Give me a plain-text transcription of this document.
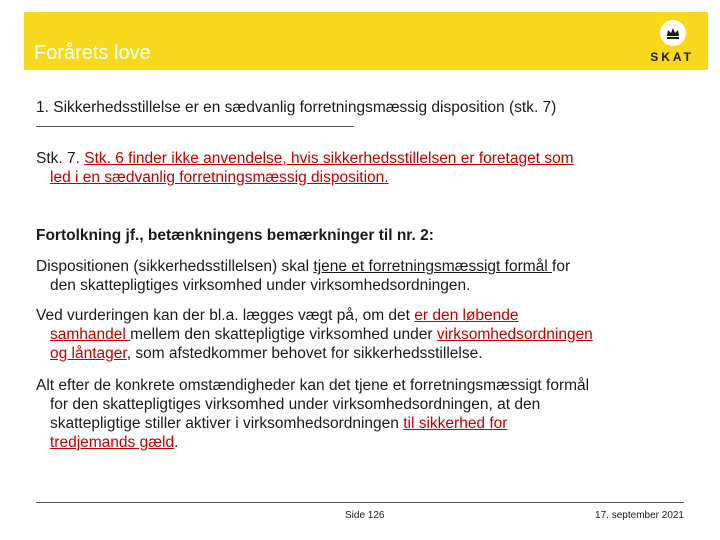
Forårets love	SKAT
1. Sikkerhedsstillelse er en sædvanlig forretningsmæssig disposition (stk. 7)
Stk. 7. Stk. 6 finder ikke anvendelse, hvis sikkerhedsstillelsen er foretaget som
led i en sædvanlig forretningsmæssig disposition.
Fortolkning jf., betænkningens bemærkninger til nr. 2:
Dispositionen (sikkerhedsstillelsen) skal tjene et forretningsmæssigt formål for
den skattepligtiges virksomhed under virksomhedsordningen.
Ved vurderingen kan der bl.a. lægges vægt på, om det er den løbende
samhandel mellem den skattepligtige virksomhed under virksomhedsordningen
og låntager, som afstedkommer behovet for sikkerhedsstillelse.
Alt efter de konkrete omstændigheder kan det tjene et forretningsmæssigt formål
for den skattepligtiges virksomhed under virksomhedsordningen, at den
skattepligtige stiller aktiver i virksomhedsordningen til sikkerhed for
tredjemands gæld.
Side 126	17. september 2021
